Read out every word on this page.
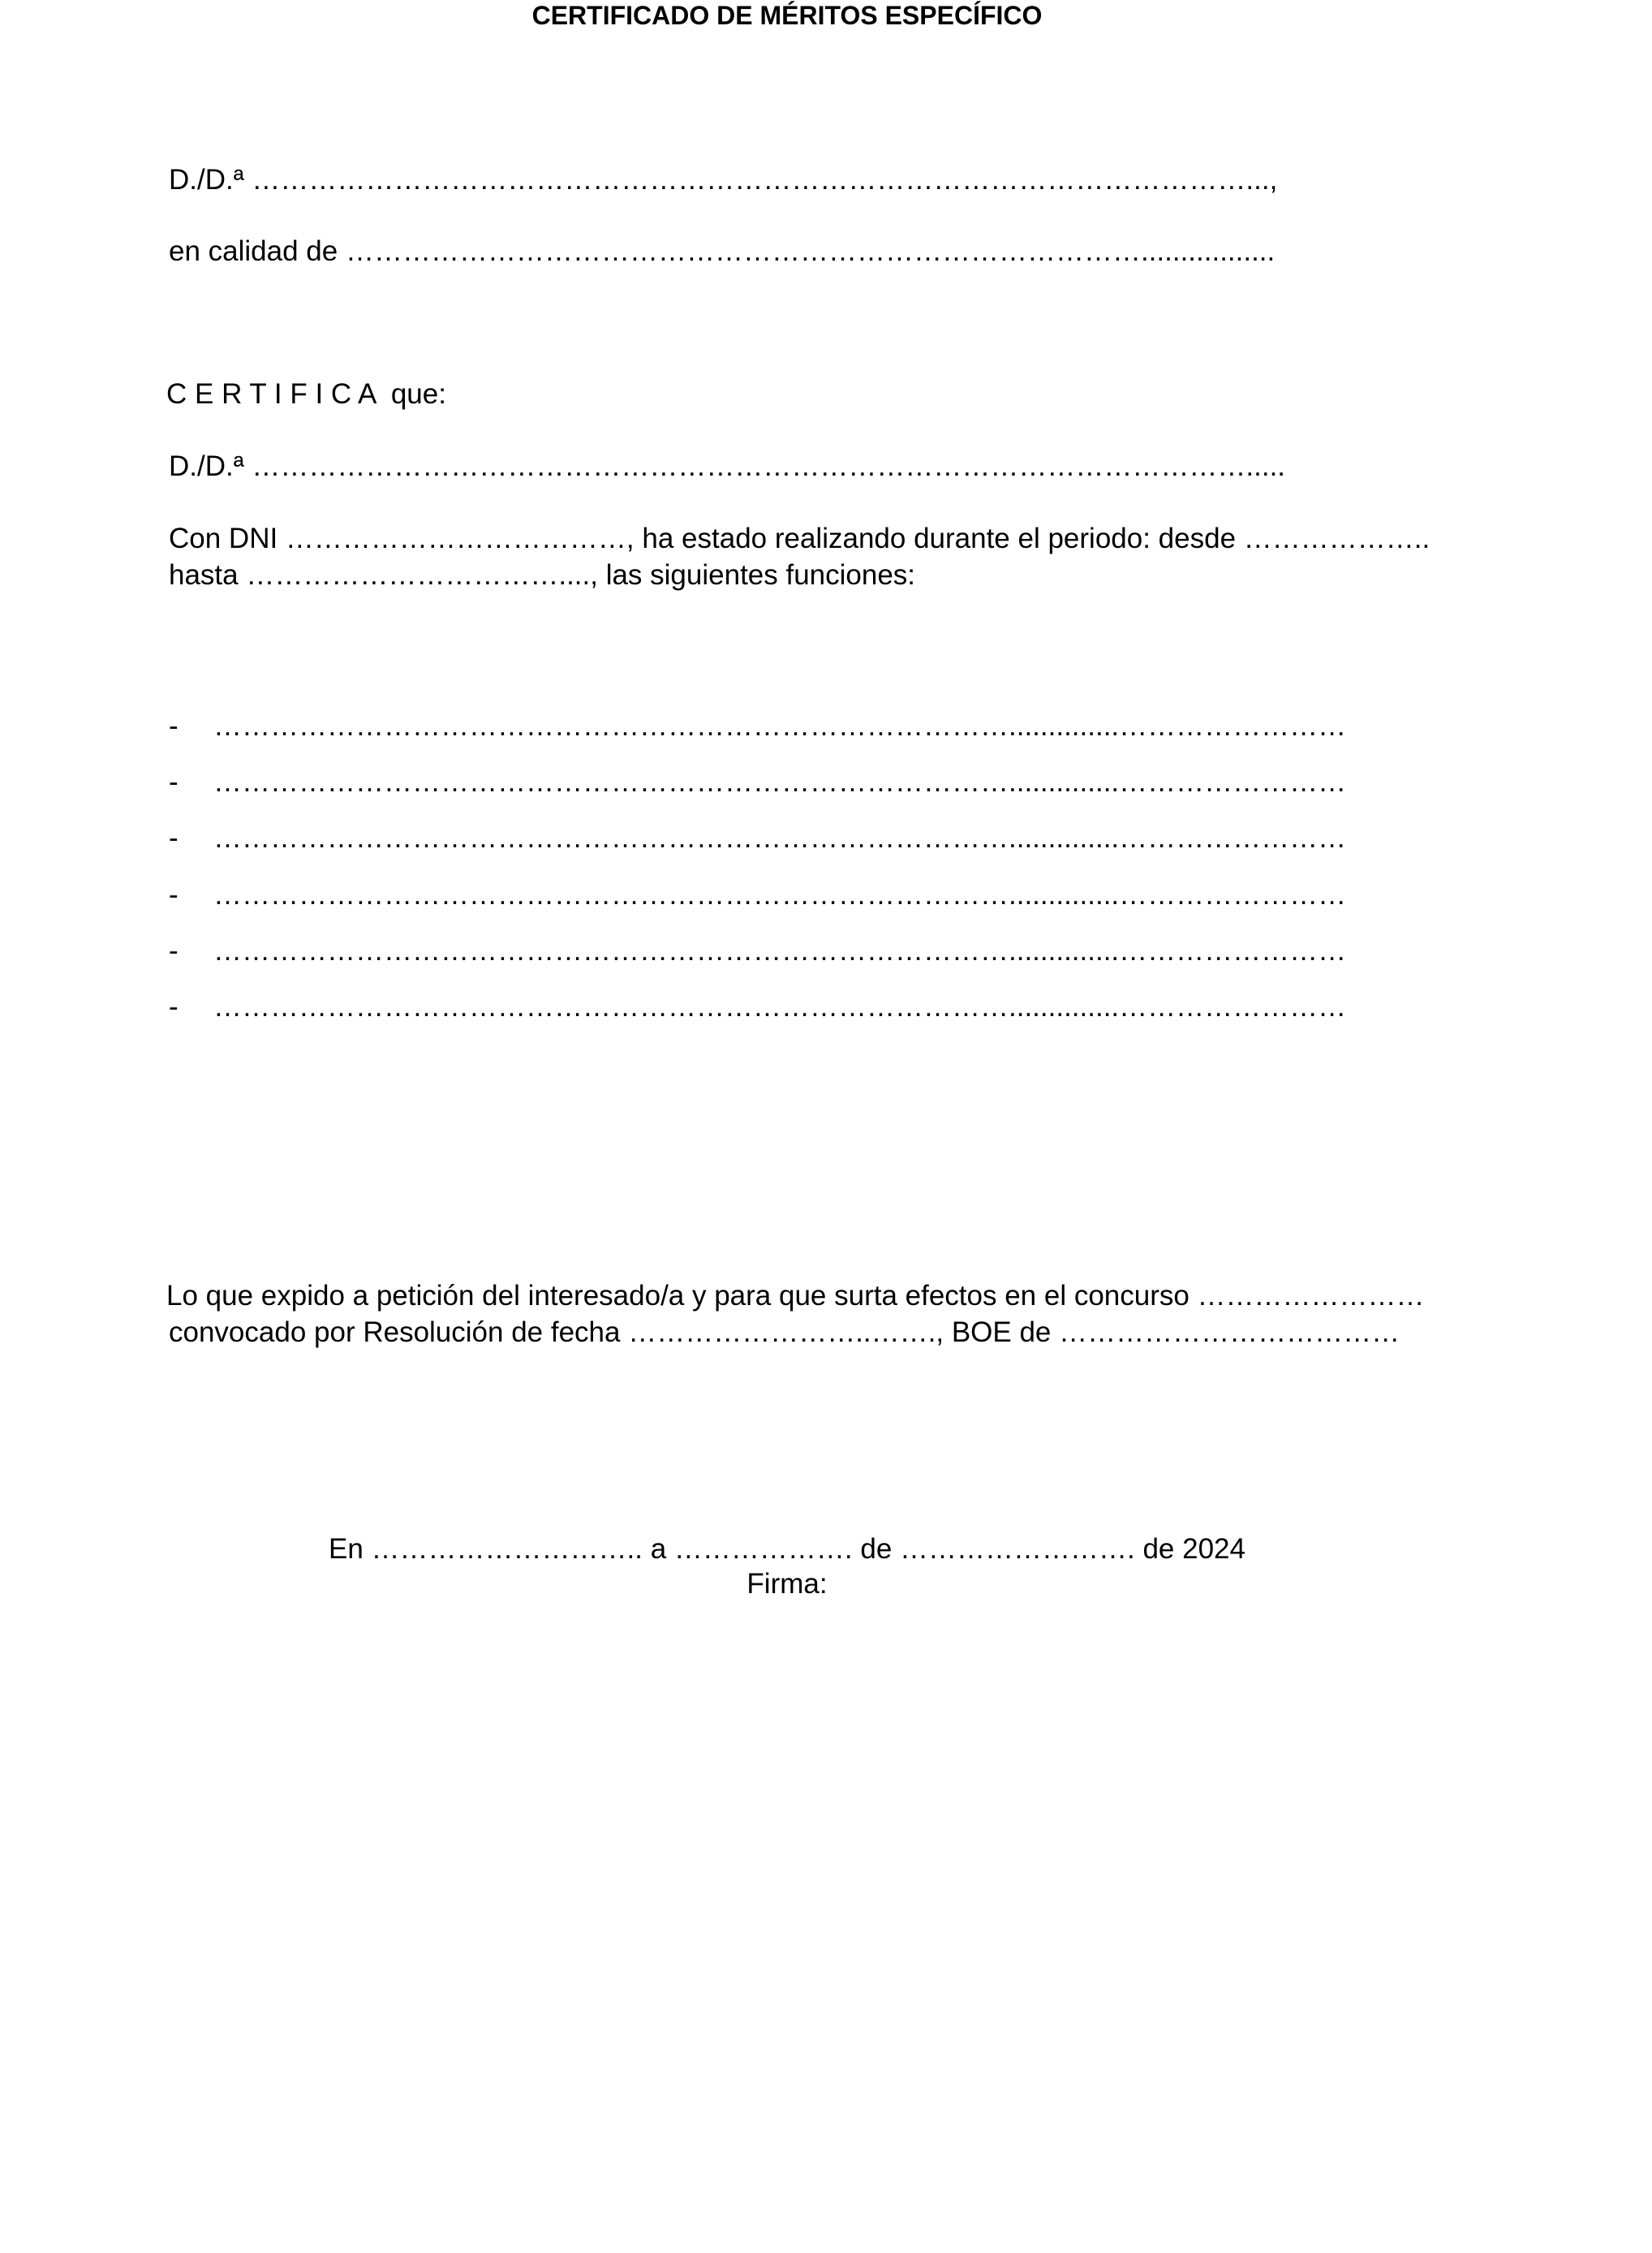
CERTIFICADO DE MÉRITOS ESPECÍFICO
D./D.ª ……………………………………………………………………………………………...,
en calidad de ………………………………………………………………………….................
C E R T I F I C A  que:
D./D.ª …………………………………………………………………………………………….....
Con DNI ………………………………, ha estado realizando durante el periodo: desde ………………..
hasta ……………………………...., las siguientes funciones:
- …………………………………………………………………………..............……………………
- …………………………………………………………………………..............……………………
- …………………………………………………………………………..............……………………
- …………………………………………………………………………..............……………………
- …………………………………………………………………………..............……………………
- …………………………………………………………………………..............……………………
Lo que expido a petición del interesado/a y para que surta efectos en el concurso ……………………
convocado por Resolución de fecha ……………………..……., BOE de ………………………………
En ……………………….. a ………………. de ……………………. de 2024
Firma:
